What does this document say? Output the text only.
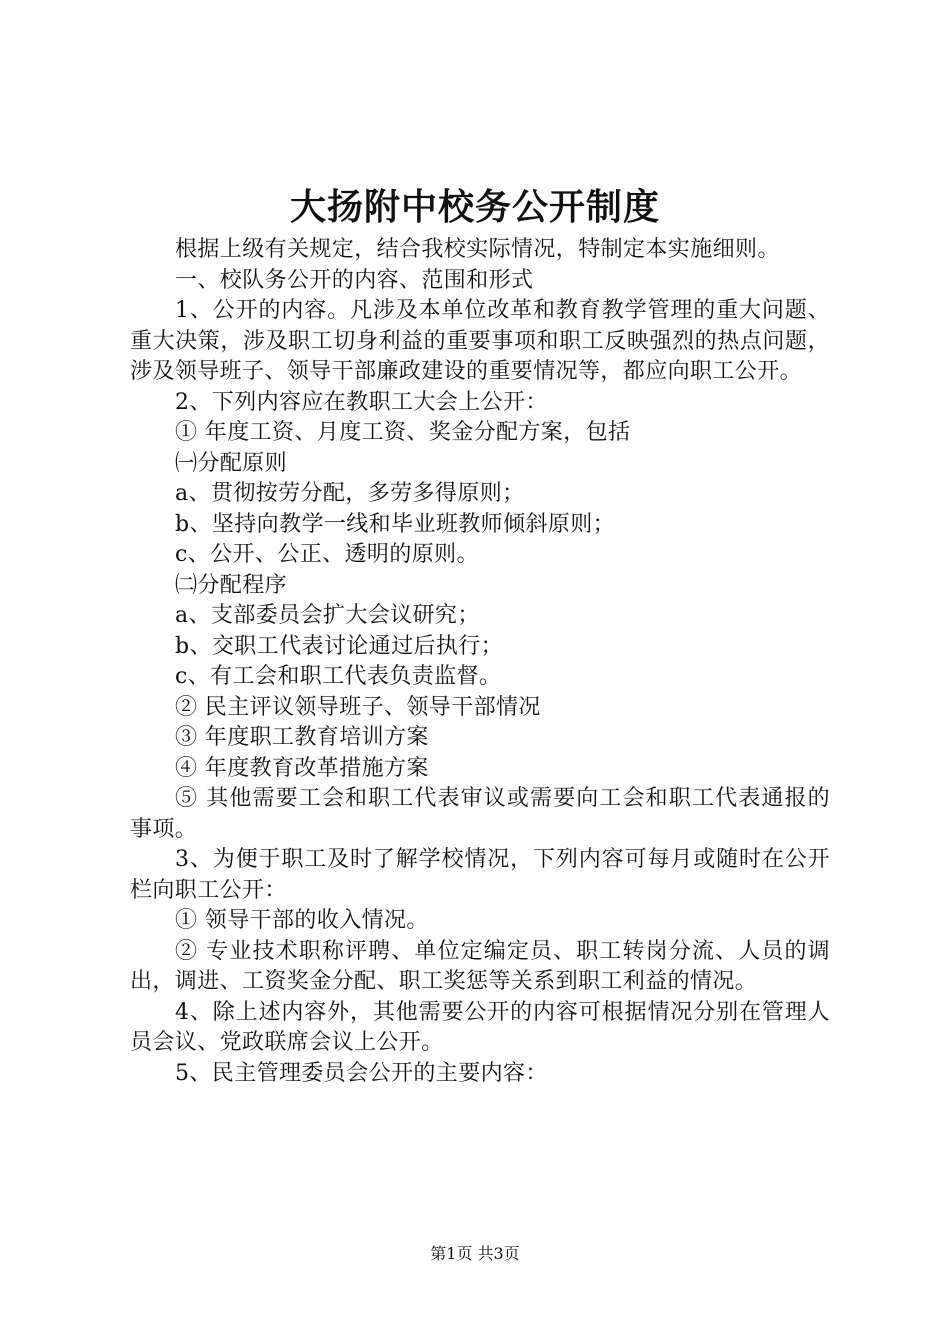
大扬附中校务公开制度

根据上级有关规定，结合我校实际情况，特制定本实施细则。

一、校队务公开的内容、范围和形式

1、公开的内容。凡涉及本单位改革和教育教学管理的重大问题、重大决策，涉及职工切身利益的重要事项和职工反映强烈的热点问题，涉及领导班子、领导干部廉政建设的重要情况等，都应向职工公开。

2、下列内容应在教职工大会上公开：

① 年度工资、月度工资、奖金分配方案，包括

㈠分配原则

a、贯彻按劳分配，多劳多得原则；

b、坚持向教学一线和毕业班教师倾斜原则；

c、公开、公正、透明的原则。

㈡分配程序

a、支部委员会扩大会议研究；

b、交职工代表讨论通过后执行；

c、有工会和职工代表负责监督。

② 民主评议领导班子、领导干部情况

③ 年度职工教育培训方案

④ 年度教育改革措施方案

⑤ 其他需要工会和职工代表审议或需要向工会和职工代表通报的事项。

3、为便于职工及时了解学校情况，下列内容可每月或随时在公开栏向职工公开：

① 领导干部的收入情况。

② 专业技术职称评聘、单位定编定员、职工转岗分流、人员的调出，调进、工资奖金分配、职工奖惩等关系到职工利益的情况。

4、除上述内容外，其他需要公开的内容可根据情况分别在管理人员会议、党政联席会议上公开。

5、民主管理委员会公开的主要内容：

第1页 共3页
